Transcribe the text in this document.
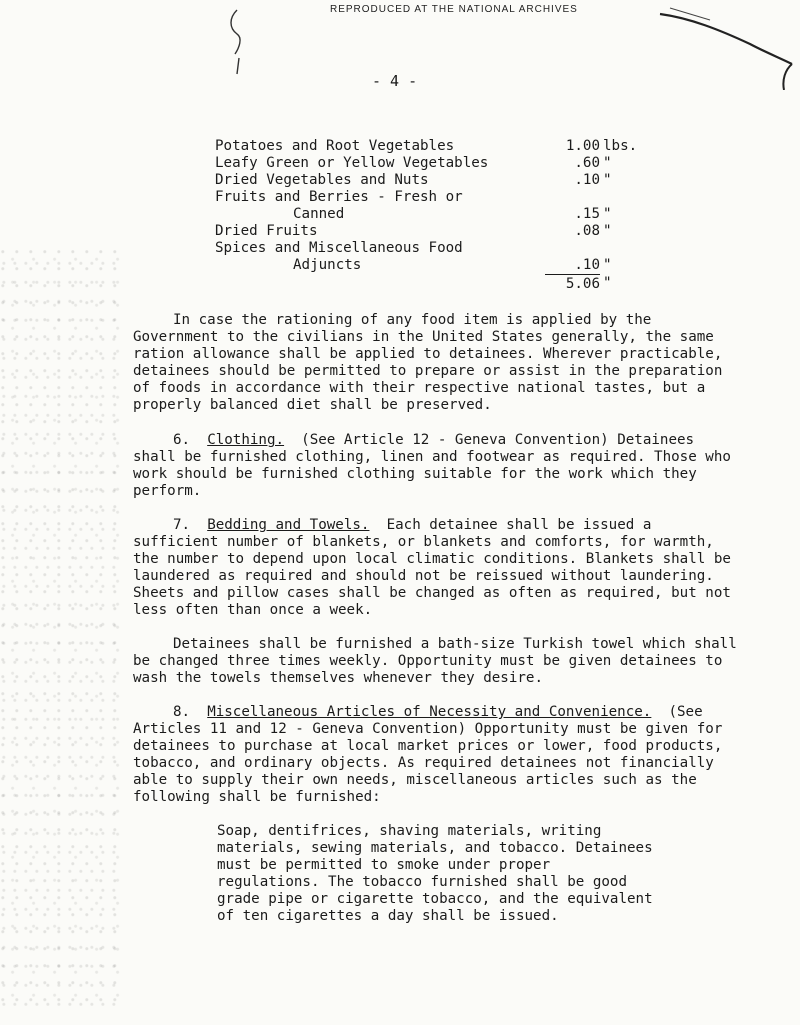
REPRODUCED AT THE NATIONAL ARCHIVES
- 4 -
Potatoes and Root Vegetables	1.00	lbs.
Leafy Green or Yellow Vegetables	.60	"
Dried Vegetables and Nuts	.10	"
Fruits and Berries - Fresh or		
Canned	.15	"
Dried Fruits	.08	"
Spices and Miscellaneous Food		
Adjuncts	.10	"
	5.06	"

In case the rationing of any food item is applied by the Government to the civilians in the United States generally, the same ration allowance shall be applied to detainees. Wherever practicable, detainees should be permitted to prepare or assist in the preparation of foods in accordance with their respective national tastes, but a properly balanced diet shall be preserved.

6. Clothing. (See Article 12 - Geneva Convention) Detainees shall be furnished clothing, linen and footwear as required. Those who work should be furnished clothing suitable for the work which they perform.

7. Bedding and Towels. Each detainee shall be issued a sufficient number of blankets, or blankets and comforts, for warmth, the number to depend upon local climatic conditions. Blankets shall be laundered as required and should not be reissued without laundering. Sheets and pillow cases shall be changed as often as required, but not less often than once a week.

Detainees shall be furnished a bath-size Turkish towel which shall be changed three times weekly. Opportunity must be given detainees to wash the towels themselves whenever they desire.

8. Miscellaneous Articles of Necessity and Convenience. (See Articles 11 and 12 - Geneva Convention) Opportunity must be given for detainees to purchase at local market prices or lower, food products, tobacco, and ordinary objects. As required detainees not financially able to supply their own needs, miscellaneous articles such as the following shall be furnished:

Soap, dentifrices, shaving materials, writing materials, sewing materials, and tobacco. Detainees must be permitted to smoke under proper regulations. The tobacco furnished shall be good grade pipe or cigarette tobacco, and the equivalent of ten cigarettes a day shall be issued.
